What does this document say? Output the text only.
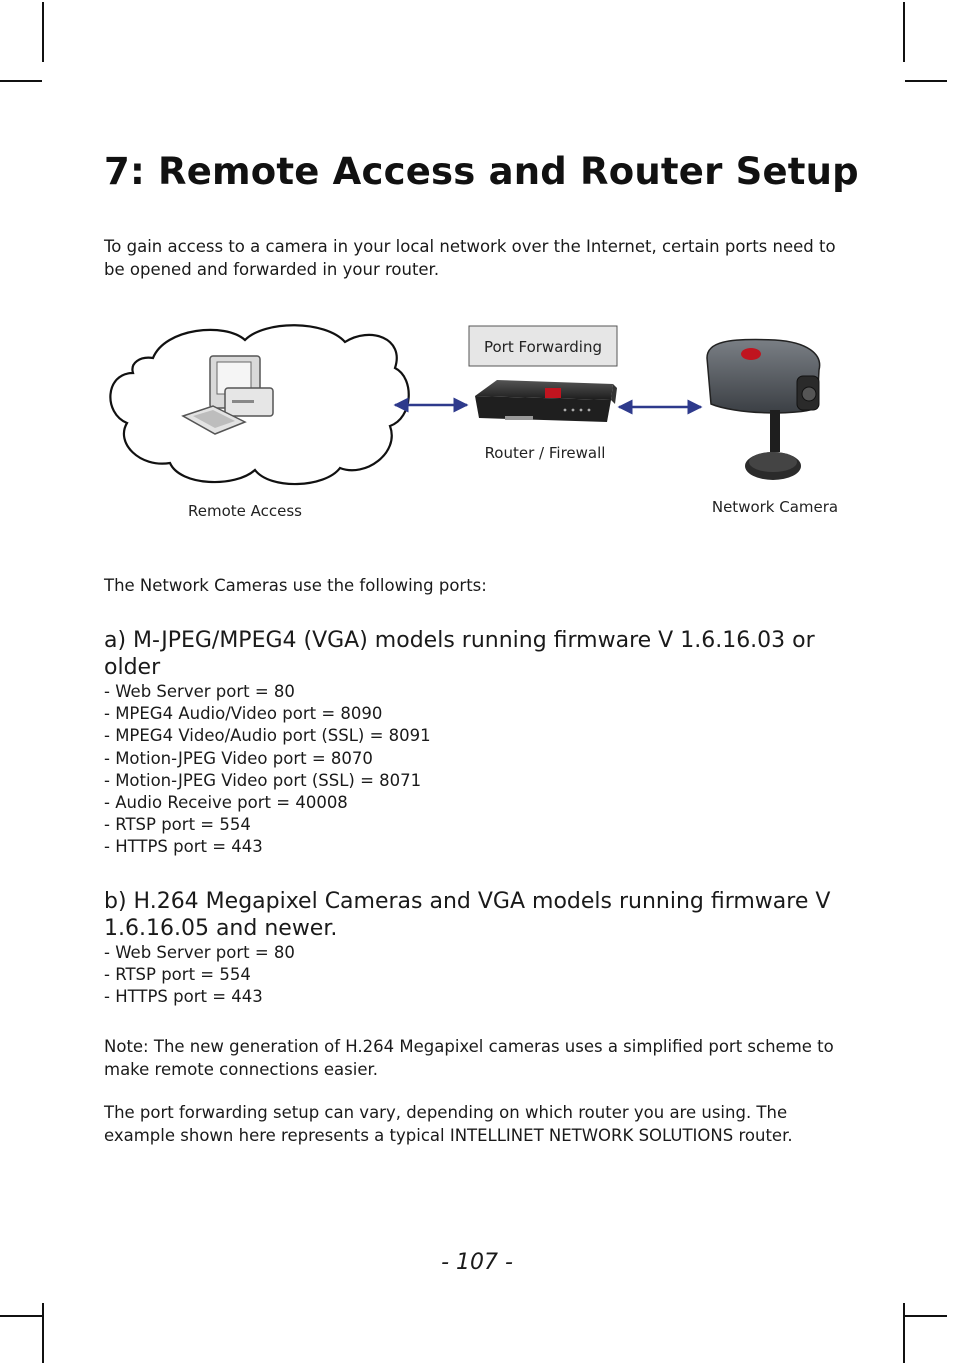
7: Remote Access and Router Setup

To gain access to a camera in your local network over the Internet, certain ports need to be opened and forwarded in your router.

Port Forwarding
Router / Firewall
Remote Access	Network Camera

The Network Cameras use the following ports:

a) M-JPEG/MPEG4 (VGA) models running firmware V 1.6.16.03 or older
- Web Server port = 80
- MPEG4 Audio/Video port = 8090
- MPEG4 Video/Audio port (SSL) = 8091
- Motion-JPEG Video port = 8070
- Motion-JPEG Video port (SSL) = 8071
- Audio Receive port = 40008
- RTSP port = 554
- HTTPS port = 443
b) H.264 Megapixel Cameras and VGA models running firmware V 1.6.16.05 and newer.
- Web Server port = 80
- RTSP port = 554
- HTTPS port = 443

Note: The new generation of H.264 Megapixel cameras uses a simplified port scheme to make remote connections easier.

The port forwarding setup can vary, depending on which router you are using. The example shown here represents a typical INTELLINET NETWORK SOLUTIONS router.

- 107 -
